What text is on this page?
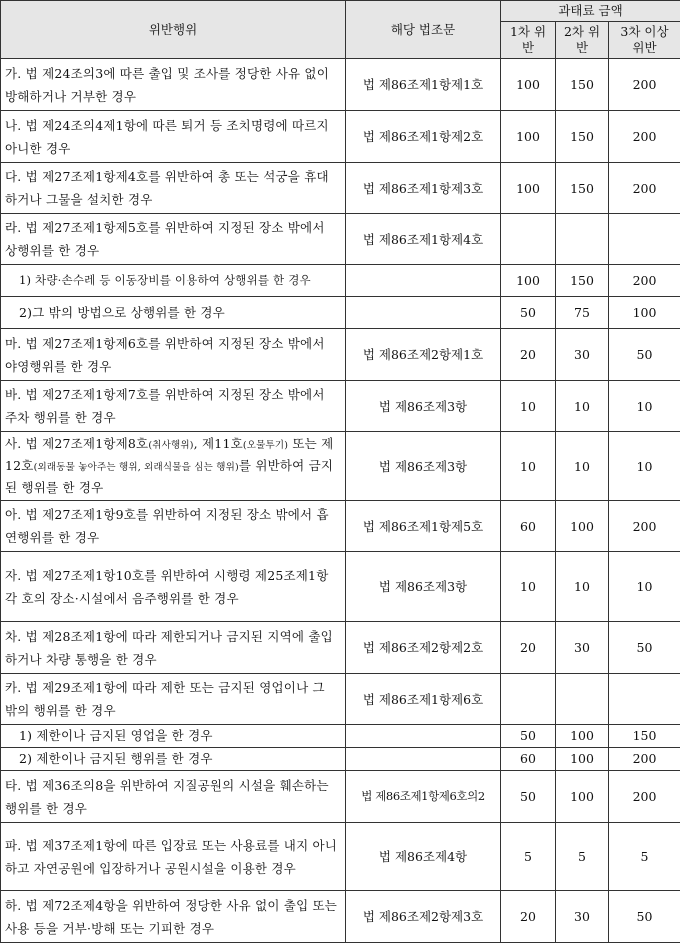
위반행위	해당 법조문	과태료 금액		
		1차 위반	2차 위반	3차 이상 위반
가. 법 제24조의3에 따른 출입 및 조사를 정당한 사유 없이 방해하거나 거부한 경우	법 제86조제1항제1호	100	150	200
나. 법 제24조의4제1항에 따른 퇴거 등 조치명령에 따르지 아니한 경우	법 제86조제1항제2호	100	150	200
다. 법 제27조제1항제4호를 위반하여 총 또는 석궁을 휴대하거나 그물을 설치한 경우	법 제86조제1항제3호	100	150	200
라. 법 제27조제1항제5호를 위반하여 지정된 장소 밖에서 상행위를 한 경우	법 제86조제1항제4호			
1) 차량·손수레 등 이동장비를 이용하여 상행위를 한 경우		100	150	200
2)그 밖의 방법으로 상행위를 한 경우		50	75	100
마. 법 제27조제1항제6호를 위반하여 지정된 장소 밖에서 야영행위를 한 경우	법 제86조제2항제1호	20	30	50
바. 법 제27조제1항제7호를 위반하여 지정된 장소 밖에서 주차 행위를 한 경우	법 제86조제3항	10	10	10
사. 법 제27조제1항제8호(취사행위), 제11호(오물투기) 또는 제12호(외래동물 놓아주는 행위, 외래식물을 심는 행위)를 위반하여 금지된 행위를 한 경우	법 제86조제3항	10	10	10
아. 법 제27조제1항9호를 위반하여 지정된 장소 밖에서 흡연행위를 한 경우	법 제86조제1항제5호	60	100	200
자. 법 제27조제1항10호를 위반하여 시행령 제25조제1항 각 호의 장소·시설에서 음주행위를 한 경우	법 제86조제3항	10	10	10
차. 법 제28조제1항에 따라 제한되거나 금지된 지역에 출입하거나 차량 통행을 한 경우	법 제86조제2항제2호	20	30	50
카. 법 제29조제1항에 따라 제한 또는 금지된 영업이나 그 밖의 행위를 한 경우	법 제86조제1항제6호			
1) 제한이나 금지된 영업을 한 경우		50	100	150
2) 제한이나 금지된 행위를 한 경우		60	100	200
타. 법 제36조의8을 위반하여 지질공원의 시설을 훼손하는 행위를 한 경우	법 제86조제1항제6호의2	50	100	200
파. 법 제37조제1항에 따른 입장료 또는 사용료를 내지 아니하고 자연공원에 입장하거나 공원시설을 이용한 경우	법 제86조제4항	5	5	5
하. 법 제72조제4항을 위반하여 정당한 사유 없이 출입 또는 사용 등을 거부·방해 또는 기피한 경우	법 제86조제2항제3호	20	30	50
